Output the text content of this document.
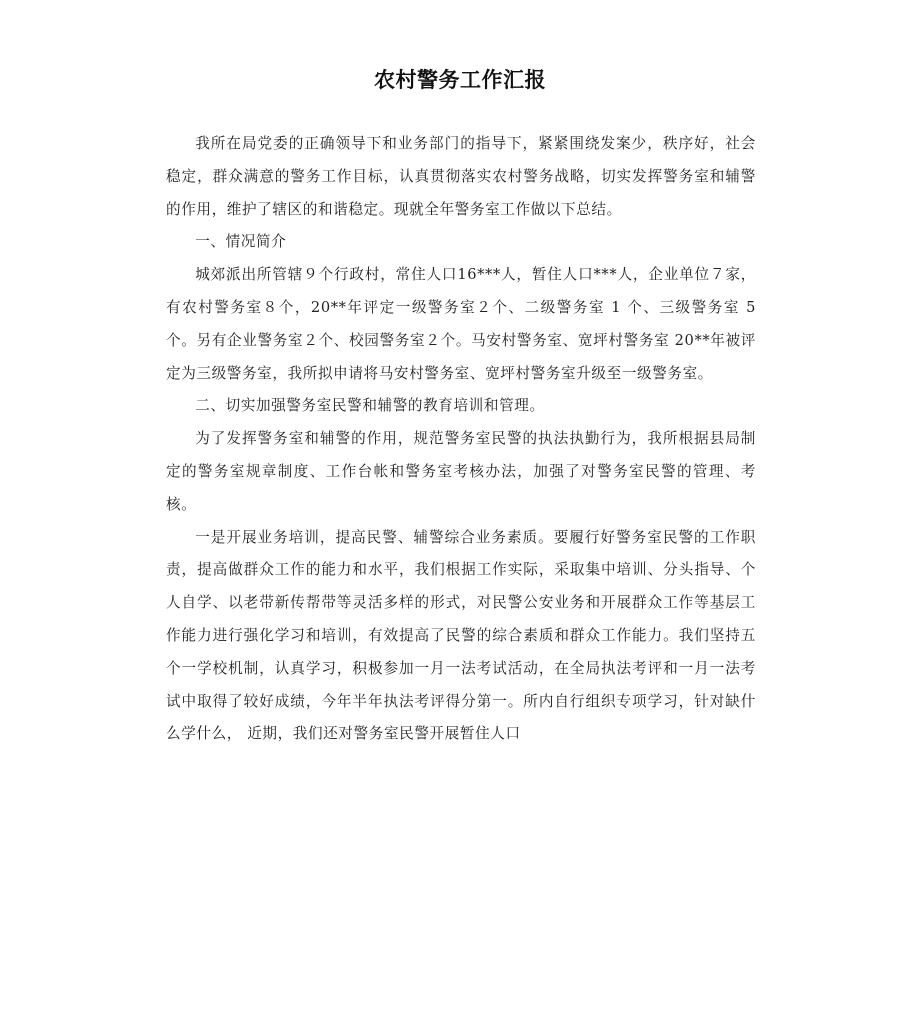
农村警务工作汇报

我所在局党委的正确领导下和业务部门的指导下，紧紧围绕发案少，秩序好，社会稳定，群众满意的警务工作目标，认真贯彻落实农村警务战略，切实发挥警务室和辅警的作用，维护了辖区的和谐稳定。现就全年警务室工作做以下总结。

一、情况简介

城郊派出所管辖９个行政村，常住人口16***人，暂住人口***人，企业单位７家，有农村警务室８个，20**年评定一级警务室２个、二级警务室 1 个、三级警务室 5 个。另有企业警务室２个、校园警务室２个。马安村警务室、宽坪村警务室 20**年被评定为三级警务室，我所拟申请将马安村警务室、宽坪村警务室升级至一级警务室。

二、切实加强警务室民警和辅警的教育培训和管理。

为了发挥警务室和辅警的作用，规范警务室民警的执法执勤行为，我所根据县局制定的警务室规章制度、工作台帐和警务室考核办法，加强了对警务室民警的管理、考核。

一是开展业务培训，提高民警、辅警综合业务素质。要履行好警务室民警的工作职责，提高做群众工作的能力和水平，我们根据工作实际，采取集中培训、分头指导、个人自学、以老带新传帮带等灵活多样的形式，对民警公安业务和开展群众工作等基层工作能力进行强化学习和培训，有效提高了民警的综合素质和群众工作能力。我们坚持五个一学校机制，认真学习，积极参加一月一法考试活动，在全局执法考评和一月一法考试中取得了较好成绩，今年半年执法考评得分第一。所内自行组织专项学习，针对缺什么学什么， 近期，我们还对警务室民警开展暂住人口
